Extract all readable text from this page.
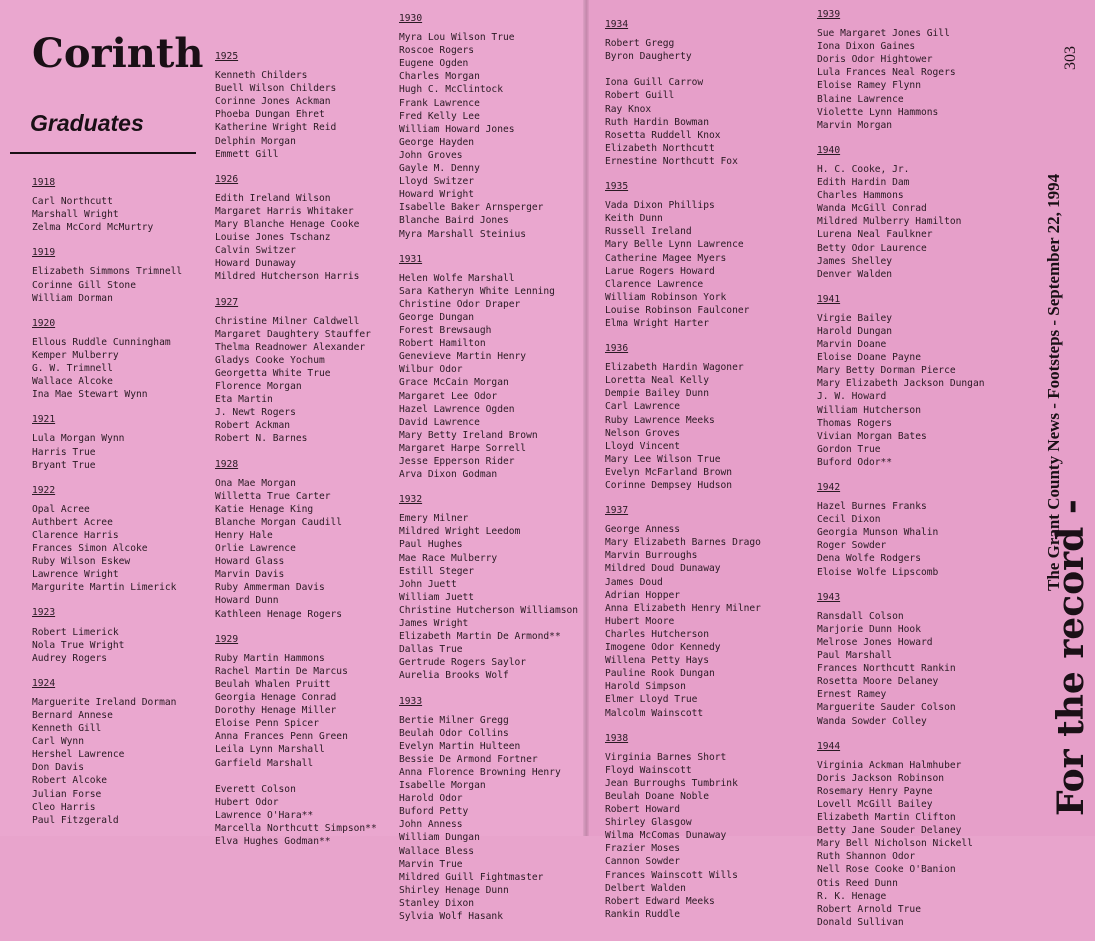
Corinth
Graduates
1918
Carl Northcutt
Marshall Wright
Zelma McCord McMurtry
1919
Elizabeth Simmons Trimnell
Corinne Gill Stone
William Dorman
1920
Ellous Ruddle Cunningham
Kemper Mulberry
G. W. Trimnell
Wallace Alcoke
Ina Mae Stewart Wynn
1921
Lula Morgan Wynn
Harris True
Bryant True
1922
Opal Acree
Authbert Acree
Clarence Harris
Frances Simon Alcoke
Ruby Wilson Eskew
Lawrence Wright
Margurite Martin Limerick
1923
Robert Limerick
Nola True Wright
Audrey Rogers
1924
Marguerite Ireland Dorman
Bernard Annese
Kenneth Gill
Carl Wynn
Hershel Lawrence
Don Davis
Robert Alcoke
Julian Forse
Cleo Harris
Paul Fitzgerald
1925
Kenneth Childers
Buell Wilson Childers
Corinne Jones Ackman
Phoeba Dungan Ehret
Katherine Wright Reid
Delphin Morgan
Emmett Gill
1926
Edith Ireland Wilson
Margaret Harris Whitaker
Mary Blanche Henage Cooke
Louise Jones Tschanz
Calvin Switzer
Howard Dunaway
Mildred Hutcherson Harris
1927
Christine Milner Caldwell
Margaret Daughtery Stauffer
Thelma Readnower Alexander
Gladys Cooke Yochum
Georgetta White True
Florence Morgan
Eta Martin
J. Newt Rogers
Robert Ackman
Robert N. Barnes
1928
Ona Mae Morgan
Willetta True Carter
Katie Henage King
Blanche Morgan Caudill
Henry Hale
Orlie Lawrence
Howard Glass
Marvin Davis
Ruby Ammerman Davis
Howard Dunn
Kathleen Henage Rogers
1929
Ruby Martin Hammons
Rachel Martin De Marcus
Beulah Whalen Pruitt
Georgia Henage Conrad
Dorothy Henage Miller
Eloise Penn Spicer
Anna Frances Penn Green
Leila Lynn Marshall
Garfield Marshall

Everett Colson
Hubert Odor
Lawrence O'Hara**
Marcella Northcutt Simpson**
Elva Hughes Godman**
1930
Myra Lou Wilson True
Roscoe Rogers
Eugene Ogden
Charles Morgan
Hugh C. McClintock
Frank Lawrence
Fred Kelly Lee
William Howard Jones
George Hayden
John Groves
Gayle M. Denny
Lloyd Switzer
Howard Wright
Isabelle Baker Arnsperger
Blanche Baird Jones
Myra Marshall Steinius
1931
Helen Wolfe Marshall
Sara Katheryn White Lenning
Christine Odor Draper
George Dungan
Forest Brewsaugh
Robert Hamilton
Genevieve Martin Henry
Wilbur Odor
Grace McCain Morgan
Margaret Lee Odor
Hazel Lawrence Ogden
David Lawrence
Mary Betty Ireland Brown
Margaret Harpe Sorrell
Jesse Epperson Rider
Arva Dixon Godman
1932
Emery Milner
Mildred Wright Leedom
Paul Hughes
Mae Race Mulberry
Estill Steger
John Juett
William Juett
Christine Hutcherson Williamson
James Wright
Elizabeth Martin De Armond**
Dallas True
Gertrude Rogers Saylor
Aurelia Brooks Wolf
1933
Bertie Milner Gregg
Beulah Odor Collins
Evelyn Martin Hulteen
Bessie De Armond Fortner
Anna Florence Browning Henry
Isabelle Morgan
Harold Odor
Buford Petty
John Anness
William Dungan
Wallace Bless
Marvin True
Mildred Guill Fightmaster
Shirley Henage Dunn
Stanley Dixon
Sylvia Wolf Hasank
1934
Robert Gregg
Byron Daugherty

Iona Guill Carrow
Robert Guill
Ray Knox
Ruth Hardin Bowman
Rosetta Ruddell Knox
Elizabeth Northcutt
Ernestine Northcutt Fox
1935
Vada Dixon Phillips
Keith Dunn
Russell Ireland
Mary Belle Lynn Lawrence
Catherine Magee Myers
Larue Rogers Howard
Clarence Lawrence
William Robinson York
Louise Robinson Faulconer
Elma Wright Harter
1936
Elizabeth Hardin Wagoner
Loretta Neal Kelly
Dempie Bailey Dunn
Carl Lawrence
Ruby Lawrence Meeks
Nelson Groves
Lloyd Vincent
Mary Lee Wilson True
Evelyn McFarland Brown
Corinne Dempsey Hudson
1937
George Anness
Mary Elizabeth Barnes Drago
Marvin Burroughs
Mildred Doud Dunaway
James Doud
Adrian Hopper
Anna Elizabeth Henry Milner
Hubert Moore
Charles Hutcherson
Imogene Odor Kennedy
Willena Petty Hays
Pauline Rook Dungan
Harold Simpson
Elmer Lloyd True
Malcolm Wainscott
1938
Virginia Barnes Short
Floyd Wainscott
Jean Burroughs Tumbrink
Beulah Doane Noble
Robert Howard
Shirley Glasgow
Wilma McComas Dunaway
Frazier Moses
Cannon Sowder
Frances Wainscott Wills
Delbert Walden
Robert Edward Meeks
Rankin Ruddle
1939
Sue Margaret Jones Gill
Iona Dixon Gaines
Doris Odor Hightower
Lula Frances Neal Rogers
Eloise Ramey Flynn
Blaine Lawrence
Violette Lynn Hammons
Marvin Morgan
1940
H. C. Cooke, Jr.
Edith Hardin Dam
Charles Hammons
Wanda McGill Conrad
Mildred Mulberry Hamilton
Lurena Neal Faulkner
Betty Odor Laurence
James Shelley
Denver Walden
1941
Virgie Bailey
Harold Dungan
Marvin Doane
Eloise Doane Payne
Mary Betty Dorman Pierce
Mary Elizabeth Jackson Dungan
J. W. Howard
William Hutcherson
Thomas Rogers
Vivian Morgan Bates
Gordon True
Buford Odor**
1942
Hazel Burnes Franks
Cecil Dixon
Georgia Munson Whalin
Roger Sowder
Dena Wolfe Rodgers
Eloise Wolfe Lipscomb
1943
Ransdall Colson
Marjorie Dunn Hook
Melrose Jones Howard
Paul Marshall
Frances Northcutt Rankin
Rosetta Moore Delaney
Ernest Ramey
Marguerite Sauder Colson
Wanda Sowder Colley
1944
Virginia Ackman Halmhuber
Doris Jackson Robinson
Rosemary Henry Payne
Lovell McGill Bailey
Elizabeth Martin Clifton
Betty Jane Souder Delaney
Mary Bell Nicholson Nickell
Ruth Shannon Odor
Nell Rose Cooke O'Banion
Otis Reed Dunn
R. K. Henage
Robert Arnold True
Donald Sullivan
For the record -
The Grant County News - Footsteps - September 22, 1994
303
